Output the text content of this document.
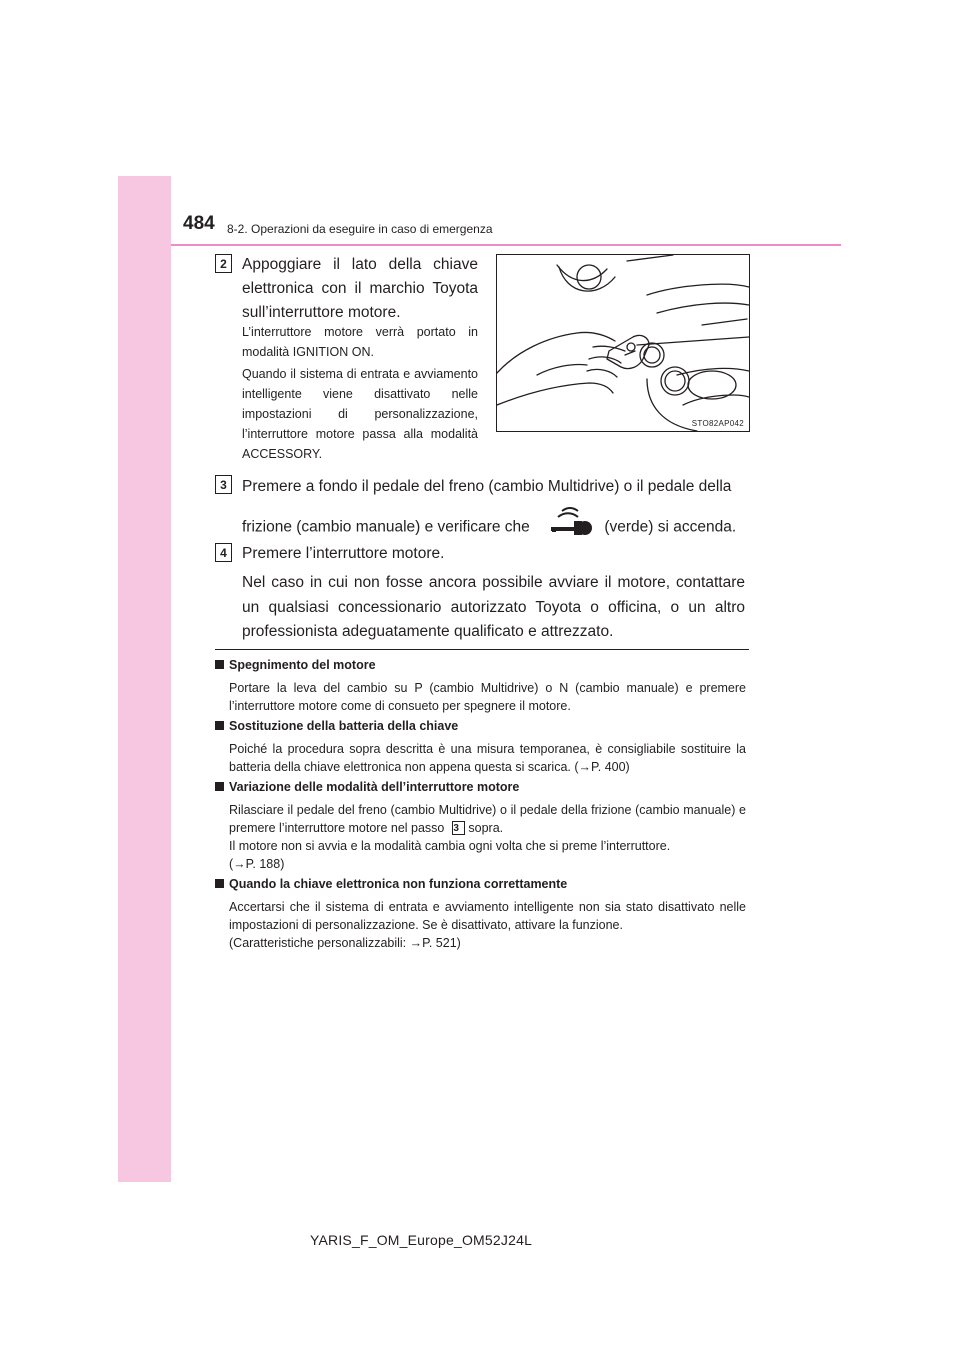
484 8-2. Operazioni da eseguire in caso di emergenza
2 Appoggiare il lato della chiave elettronica con il marchio Toyota sull’interruttore motore.
L’interruttore motore verrà portato in modalità IGNITION ON.
Quando il sistema di entrata e avviamento intelligente viene disattivato nelle impostazioni di personalizzazione, l’interruttore motore passa alla modalità ACCESSORY.
STO82AP042
3 Premere a fondo il pedale del freno (cambio Multidrive) o il pedale della
frizione (cambio manuale) e verificare che	(verde) si accenda.
4 Premere l’interruttore motore.
Nel caso in cui non fosse ancora possibile avviare il motore, contattare un qualsiasi concessionario autorizzato Toyota o officina, o un altro professionista adeguatamente qualificato e attrezzato.
Spegnimento del motore
Portare la leva del cambio su P (cambio Multidrive) o N (cambio manuale) e premere l’interruttore motore come di consueto per spegnere il motore.
Sostituzione della batteria della chiave
Poiché la procedura sopra descritta è una misura temporanea, è consigliabile sostituire la batteria della chiave elettronica non appena questa si scarica. (→P. 400)
Variazione delle modalità dell’interruttore motore
Rilasciare il pedale del freno (cambio Multidrive) o il pedale della frizione (cambio manuale) e premere l’interruttore motore nel passo 3 sopra.
Il motore non si avvia e la modalità cambia ogni volta che si preme l’interruttore.
(→P. 188)
Quando la chiave elettronica non funziona correttamente
Accertarsi che il sistema di entrata e avviamento intelligente non sia stato disattivato nelle impostazioni di personalizzazione. Se è disattivato, attivare la funzione.
(Caratteristiche personalizzabili: →P. 521)
YARIS_F_OM_Europe_OM52J24L
